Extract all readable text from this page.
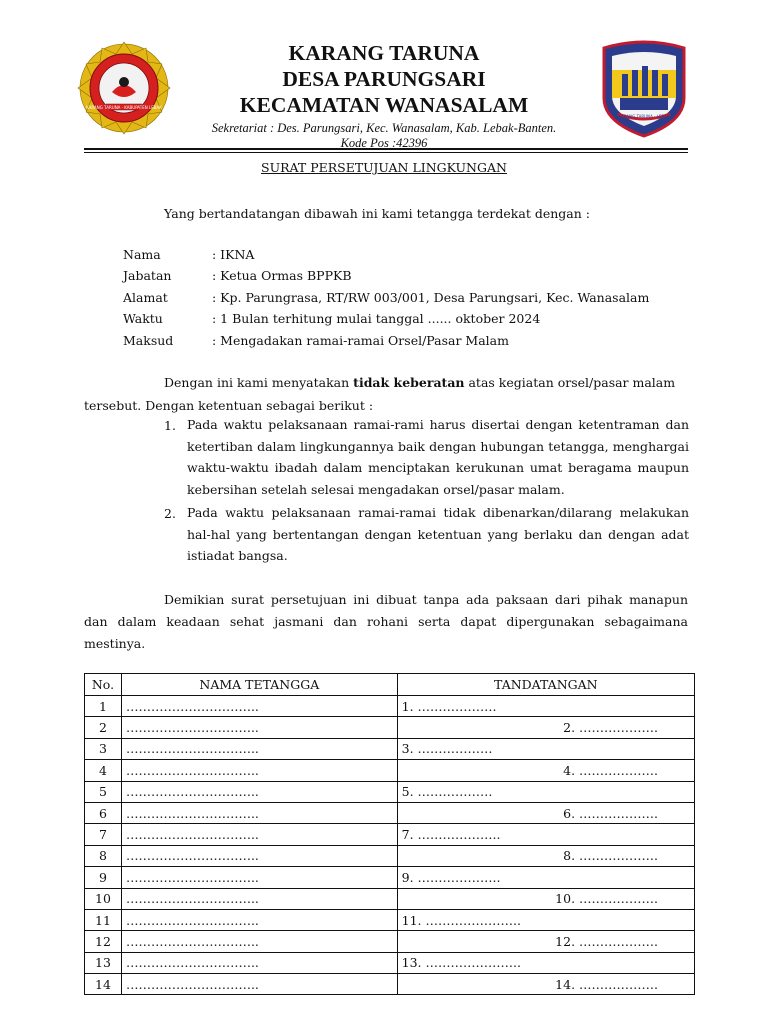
KARANG TARUNA · KABUPATEN LEBAK
KARANG TARUNA
DESA PARUNGSARI
KECAMATAN WANASALAM
Sekretariat : Des. Parungsari, Kec. Wanasalam, Kab. Lebak-Banten.
Kode Pos :42396
KARANG TARUNA · LEBAK
SURAT PERSETUJUAN LINGKUNGAN
Yang bertandatangan dibawah ini kami tetangga terdekat dengan :
Nama	: IKNA
Jabatan	: Ketua Ormas BPPKB
Alamat	: Kp. Parungrasa, RT/RW 003/001, Desa Parungsari, Kec. Wanasalam
Waktu	: 1 Bulan terhitung mulai tanggal ...... oktober 2024
Maksud	: Mengadakan ramai-ramai Orsel/Pasar Malam
Dengan ini kami menyatakan tidak keberatan atas kegiatan orsel/pasar malam
tersebut. Dengan ketentuan sebagai berikut :
1. Pada waktu pelaksanaan ramai-rami harus disertai dengan ketentraman dan
ketertiban dalam lingkungannya baik dengan hubungan tetangga, menghargai
waktu-waktu ibadah dalam menciptakan kerukunan umat beragama maupun
kebersihan setelah selesai mengadakan orsel/pasar malam.
2. Pada waktu pelaksanaan ramai-ramai tidak dibenarkan/dilarang melakukan
hal-hal yang bertentangan dengan ketentuan yang berlaku dan dengan adat
istiadat bangsa.
Demikian surat persetujuan ini dibuat tanpa ada paksaan dari pihak manapun
dan dalam keadaan sehat jasmani dan rohani serta dapat dipergunakan sebagaimana
mestinya.
No.	NAMA TETANGGA	TANDATANGAN
1	…………………………..	1. ……………….
2	…………………………..	2. ……………….
3	…………………………..	3. ………………
4	…………………………..	4. ……………….
5	…………………………..	5. ………………
6	…………………………..	6. ……………….
7	…………………………..	7. ………………..
8	…………………………..	8. ……………….
9	…………………………..	9. ………………..
10	…………………………..	10. ……………….
11	…………………………..	11. …………………..
12	…………………………..	12. ……………….
13	…………………………..	13. …………………..
14	…………………………..	14. ……………….
